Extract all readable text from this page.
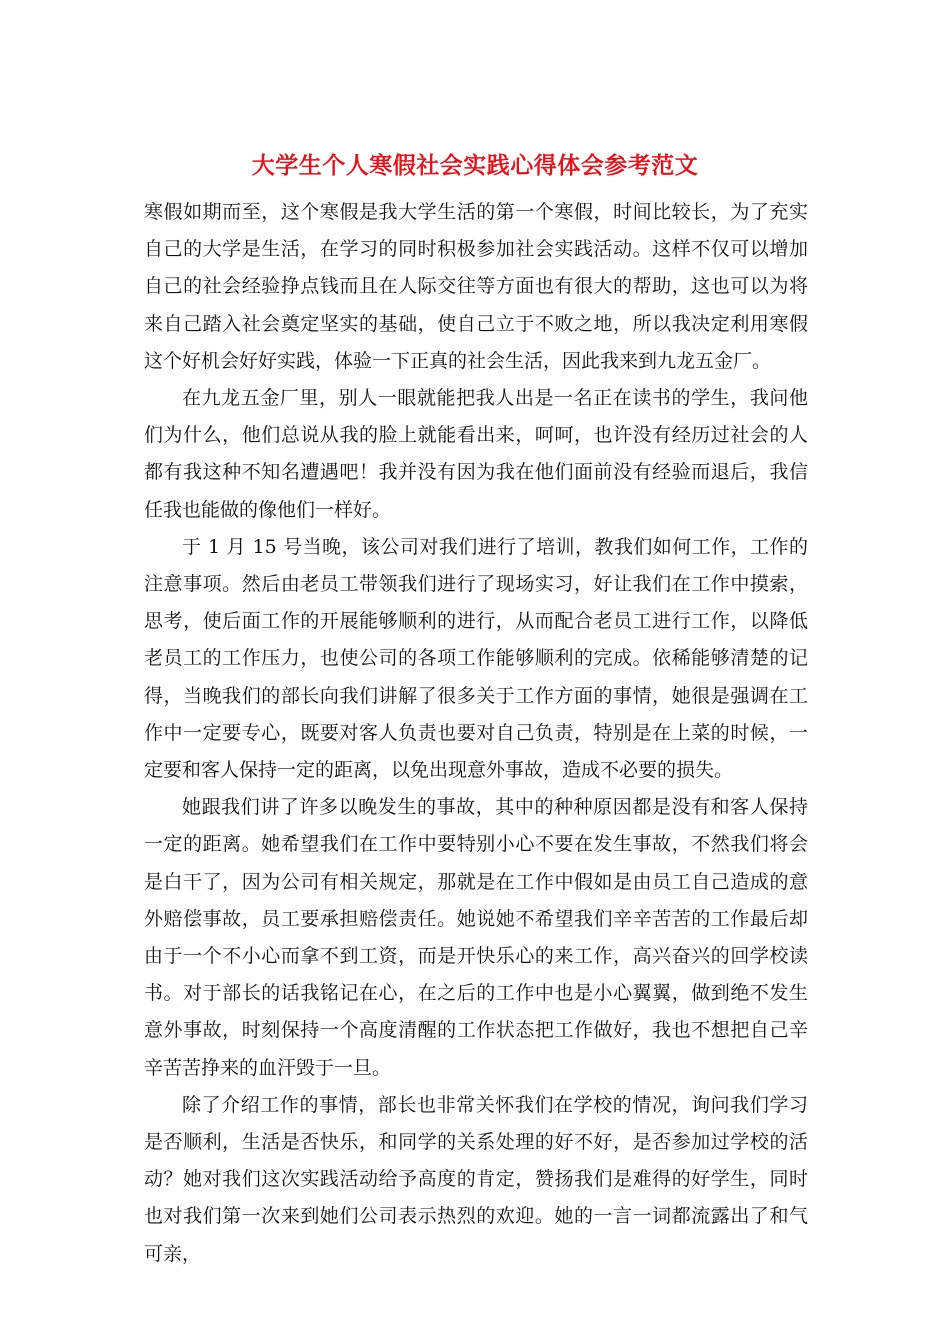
大学生个人寒假社会实践心得体会参考范文

寒假如期而至，这个寒假是我大学生活的第一个寒假，时间比较长，为了充实自己的大学是生活，在学习的同时积极参加社会实践活动。这样不仅可以增加自己的社会经验挣点钱而且在人际交往等方面也有很大的帮助，这也可以为将来自己踏入社会奠定坚实的基础，使自己立于不败之地，所以我决定利用寒假这个好机会好好实践，体验一下正真的社会生活，因此我来到九龙五金厂。

在九龙五金厂里，别人一眼就能把我人出是一名正在读书的学生，我问他们为什么，他们总说从我的脸上就能看出来，呵呵，也许没有经历过社会的人都有我这种不知名遭遇吧！我并没有因为我在他们面前没有经验而退后，我信任我也能做的像他们一样好。

于 1 月 15 号当晚，该公司对我们进行了培训，教我们如何工作，工作的注意事项。然后由老员工带领我们进行了现场实习，好让我们在工作中摸索，思考，使后面工作的开展能够顺利的进行，从而配合老员工进行工作，以降低老员工的工作压力，也使公司的各项工作能够顺利的完成。依稀能够清楚的记得，当晚我们的部长向我们讲解了很多关于工作方面的事情，她很是强调在工作中一定要专心，既要对客人负责也要对自己负责，特别是在上菜的时候，一定要和客人保持一定的距离，以免出现意外事故，造成不必要的损失。

她跟我们讲了许多以晚发生的事故，其中的种种原因都是没有和客人保持一定的距离。她希望我们在工作中要特别小心不要在发生事故，不然我们将会是白干了，因为公司有相关规定，那就是在工作中假如是由员工自己造成的意外赔偿事故，员工要承担赔偿责任。她说她不希望我们辛辛苦苦的工作最后却由于一个不小心而拿不到工资，而是开快乐心的来工作，高兴奋兴的回学校读书。对于部长的话我铭记在心，在之后的工作中也是小心翼翼，做到绝不发生意外事故，时刻保持一个高度清醒的工作状态把工作做好，我也不想把自己辛辛苦苦挣来的血汗毁于一旦。

除了介绍工作的事情，部长也非常关怀我们在学校的情况，询问我们学习是否顺利，生活是否快乐，和同学的关系处理的好不好，是否参加过学校的活动？她对我们这次实践活动给予高度的肯定，赞扬我们是难得的好学生，同时也对我们第一次来到她们公司表示热烈的欢迎。她的一言一词都流露出了和气可亲，
